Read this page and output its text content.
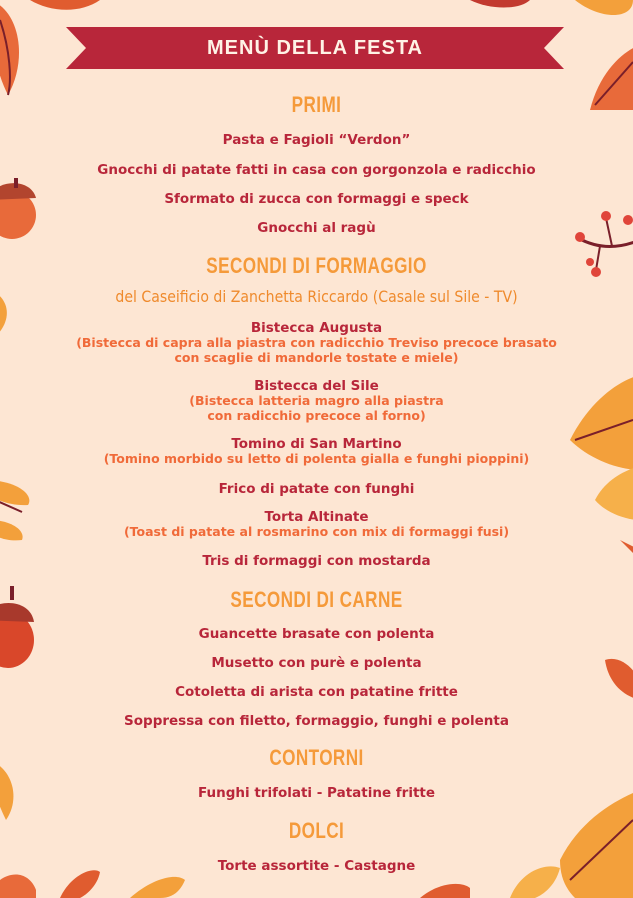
MENÙ DELLA FESTA
PRIMI
Pasta e Fagioli “Verdon”
Gnocchi di patate fatti in casa con gorgonzola e radicchio
Sformato di zucca con formaggi e speck
Gnocchi al ragù
SECONDI DI FORMAGGIO
del Caseificio di Zanchetta Riccardo (Casale sul Sile - TV)
Bistecca Augusta
(Bistecca di capra alla piastra con radicchio Treviso precoce brasato
con scaglie di mandorle tostate e miele)
Bistecca del Sile
(Bistecca latteria magro alla piastra
con radicchio precoce al forno)
Tomino di San Martino
(Tomino morbido su letto di polenta gialla e funghi pioppini)
Frico di patate con funghi
Torta Altinate
(Toast di patate al rosmarino con mix di formaggi fusi)
Tris di formaggi con mostarda
SECONDI DI CARNE
Guancette brasate con polenta
Musetto con purè e polenta
Cotoletta di arista con patatine fritte
Soppressa con filetto, formaggio, funghi e polenta
CONTORNI
Funghi trifolati - Patatine fritte
DOLCI
Torte assortite - Castagne
